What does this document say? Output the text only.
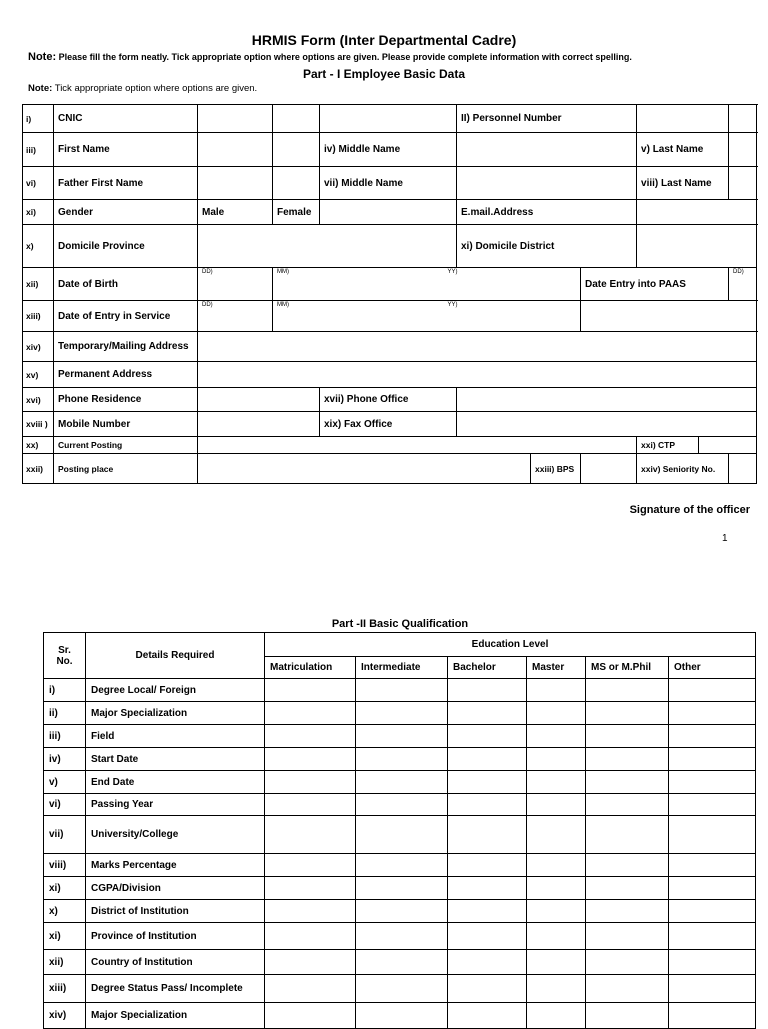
HRMIS Form (Inter Departmental Cadre)
Note: Please fill the form neatly. Tick appropriate option where options are given. Please provide complete information with correct spelling.
Part - I Employee Basic Data
Note: Tick appropriate option where options are given.
i)	CNIC					II) Personnel Number						
iii)	First Name			iv) Middle Name					v) Last Name			
vi)	Father First Name			vii) Middle Name					viii) Last Name			
xi)	Gender	Male	Female			E.mail.Address						
x)	Domicile Province					xi) Domicile District						
xii)	Date of Birth	DD)	MM)		YY)			Date Entry into PAAS			DD)		
xiii)	Date of Entry in Service	DD)	MM)		YY)							
xiv)	Temporary/Mailing Address											
xv)	Permanent Address											
xvi)	Phone Residence			xvii) Phone Office								
xviii )	Mobile Number			xix) Fax Office								
xx)	Current Posting								xxi) CTP			
xxii)	Posting place						xxiii) BPS		xxiv) Seniority No.			
Signature of the officer
1
Part -II Basic Qualification
Sr. No.	Details Required	Education Level					
		Matriculation	Intermediate	Bachelor	Master	MS or M.Phil	Other
i)	Degree Local/ Foreign						
ii)	Major Specialization						
iii)	Field						
iv)	Start Date						
v)	End Date						
vi)	Passing Year						
vii)	University/College						
viii)	Marks Percentage						
xi)	CGPA/Division						
x)	District of Institution						
xi)	Province of Institution						
xii)	Country of Institution						
xiii)	Degree Status Pass/ Incomplete						
xiv)	Major Specialization						
